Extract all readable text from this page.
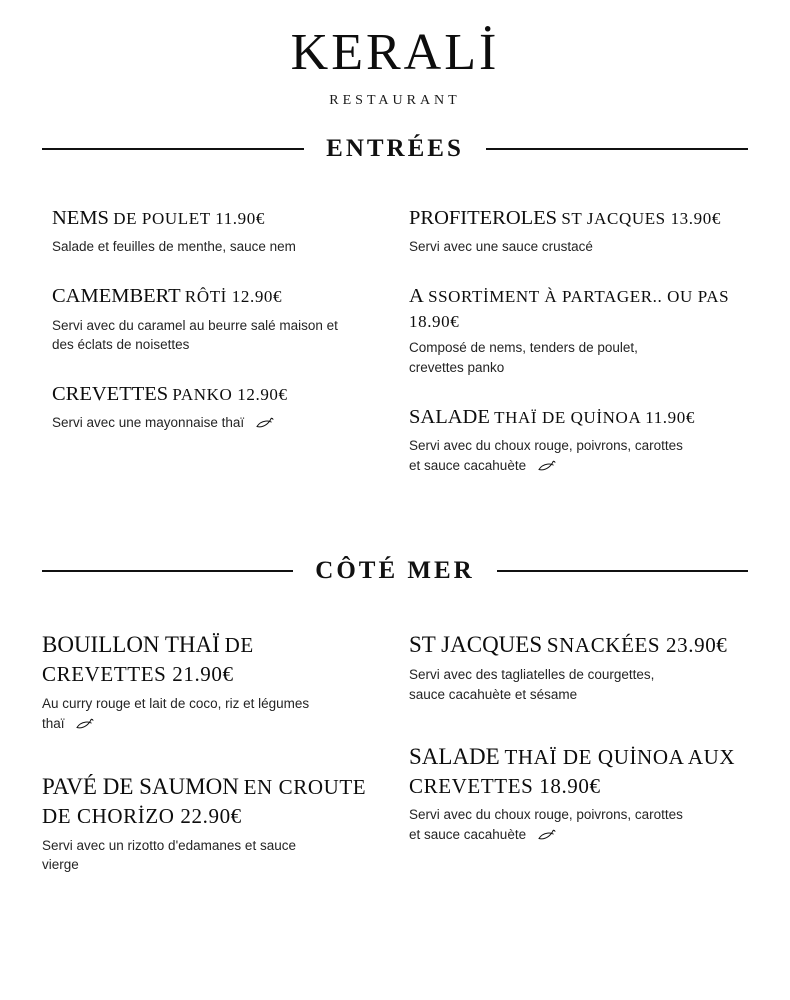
KERALİ
RESTAURANT
ENTRÉES
NEMS DE POULET 11.90€
Salade et feuilles de menthe, sauce nem
CAMEMBERT RÔTİ 12.90€
Servi avec du caramel au beurre salé maison et des éclats de noisettes
CREVETTES PANKO 12.90€
Servi avec une mayonnaise thaï
PROFITEROLES ST JACQUES 13.90€
Servi avec une sauce crustacé
A SSORTİMENT À PARTAGER.. OU PAS 18.90€
Composé de nems, tenders de poulet, crevettes panko
SALADE THAÏ DE QUİNOA 11.90€
Servi avec du choux rouge, poivrons, carottes et sauce cacahuète
CÔTÉ MER
BOUILLON THAÏ DE CREVETTES 21.90€
Au curry rouge et lait de coco, riz et légumes thaï
PAVÉ DE SAUMON EN CROUTE DE CHORİZO 22.90€
Servi avec un rizotto d'edamanes et sauce vierge
ST JACQUES SNACKÉES 23.90€
Servi avec des tagliatelles de courgettes, sauce cacahuète et sésame
SALADE THAÏ DE QUİNOA AUX CREVETTES 18.90€
Servi avec du choux rouge, poivrons, carottes et sauce cacahuète
